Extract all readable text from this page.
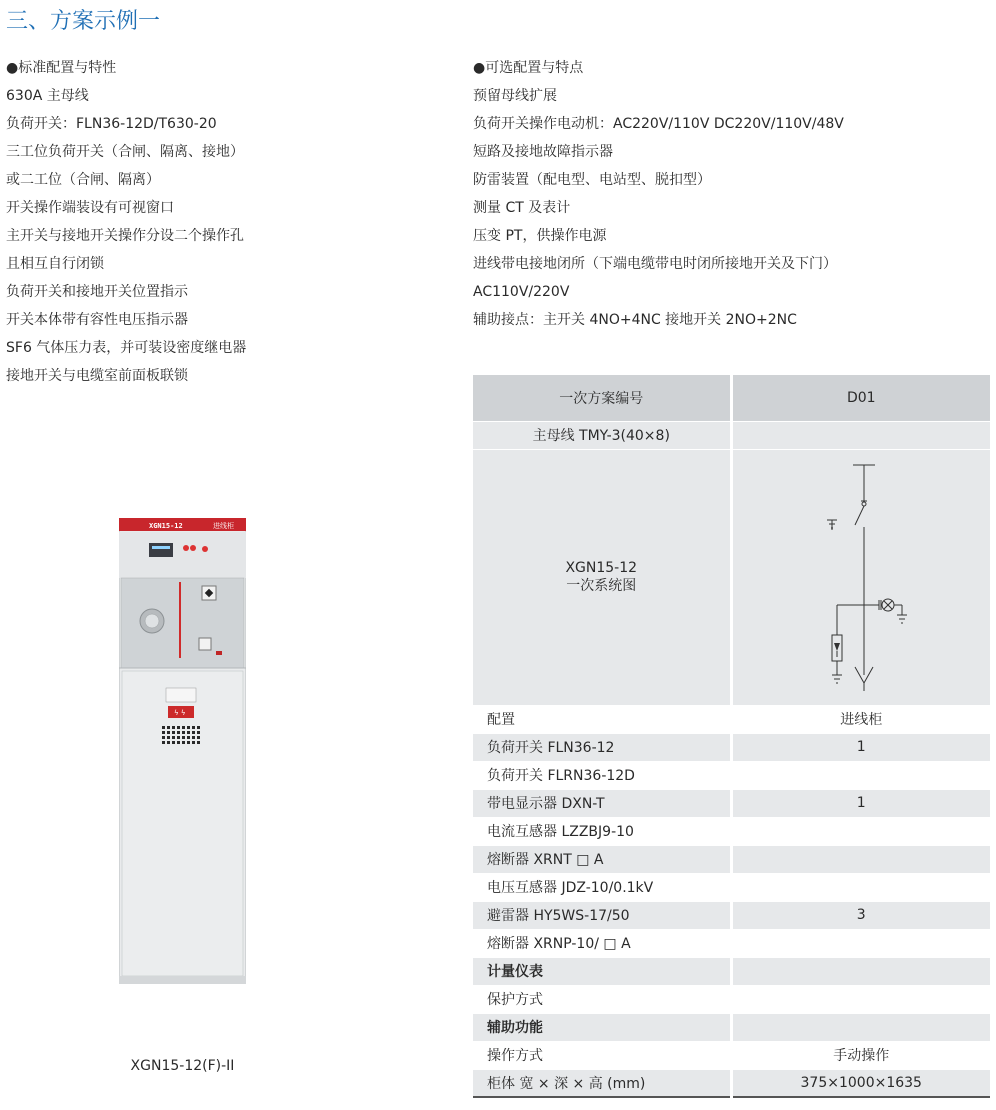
三、方案示例一
●标准配置与特性
630A 主母线
负荷开关：FLN36-12D/T630-20
三工位负荷开关（合闸、隔离、接地）
或二工位（合闸、隔离）
开关操作端装设有可视窗口
主开关与接地开关操作分设二个操作孔
且相互自行闭锁
负荷开关和接地开关位置指示
开关本体带有容性电压指示器
SF6 气体压力表，并可装设密度继电器
接地开关与电缆室前面板联锁
●可选配置与特点
预留母线扩展
负荷开关操作电动机：AC220V/110V DC220V/110V/48V
短路及接地故障指示器
防雷装置（配电型、电站型、脱扣型）
测量 CT 及表计
压变 PT，供操作电源
进线带电接地闭所（下端电缆带电时闭所接地开关及下门）
AC110V/220V
辅助接点：主开关 4NO+4NC 接地开关 2NO+2NC
XGN15-12	进线柜
ϟ ϟ
XGN15-12(F)-II
一次方案编号	D01
主母线 TMY-3(40×8)	

XGN15-12
一次系统图

配置	进线柜
负荷开关 FLN36-12	1
负荷开关 FLRN36-12D	
带电显示器 DXN-T	1
电流互感器 LZZBJ9-10	
熔断器 XRNT □ A	
电压互感器 JDZ-10/0.1kV	
避雷器 HY5WS-17/50	3
熔断器 XRNP-10/ □ A	
计量仪表	
保护方式	
辅助功能	
操作方式	手动操作
柜体 宽 × 深 × 高 (mm)	375×1000×1635
